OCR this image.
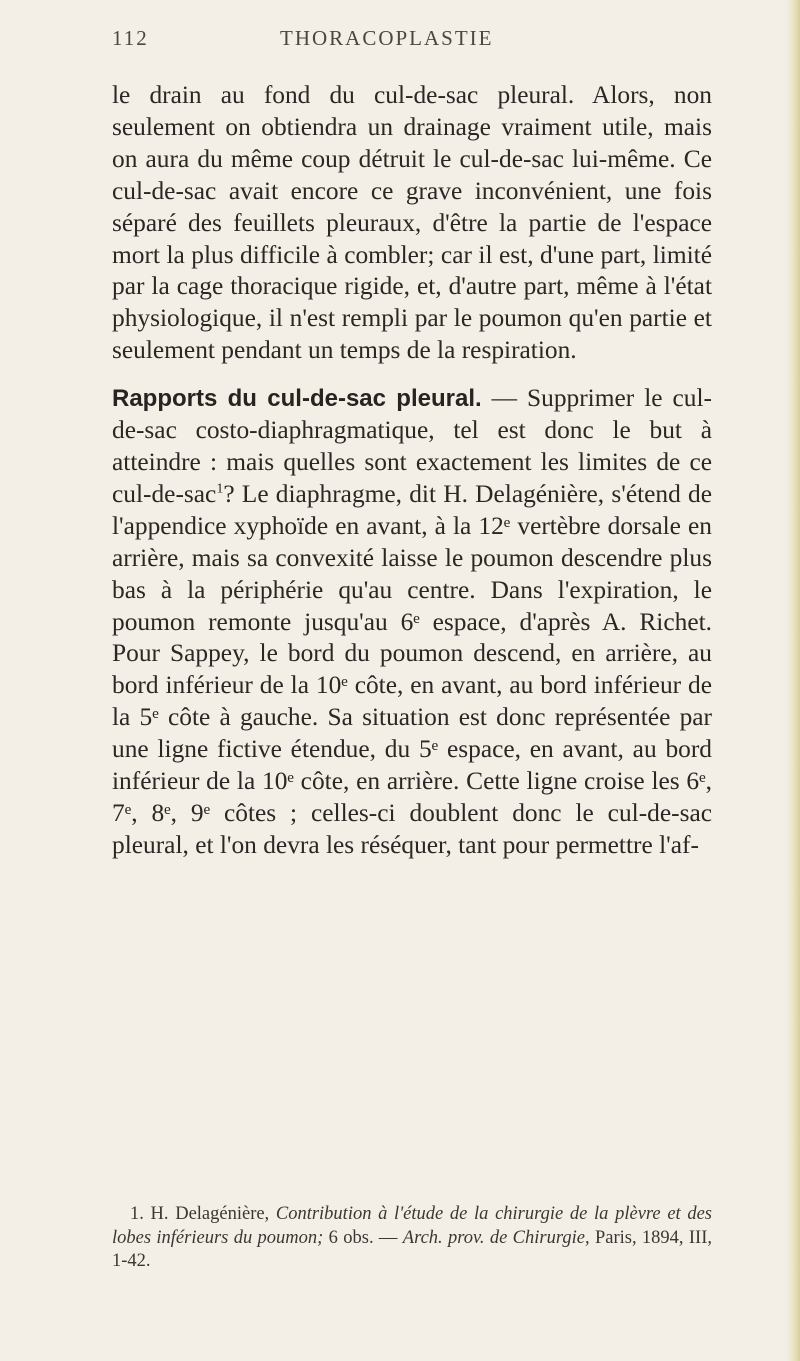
112	THORACOPLASTIE

le drain au fond du cul-de-sac pleural. Alors, non seulement on obtiendra un drainage vraiment utile, mais on aura du même coup détruit le cul-de-sac lui-même. Ce cul-de-sac avait encore ce grave inconvénient, une fois séparé des feuillets pleuraux, d'être la partie de l'espace mort la plus difficile à combler; car il est, d'une part, limité par la cage thoracique rigide, et, d'autre part, même à l'état physiologique, il n'est rempli par le poumon qu'en partie et seulement pendant un temps de la respiration.

Rapports du cul-de-sac pleural. — Supprimer le cul-de-sac costo-diaphragmatique, tel est donc le but à atteindre : mais quelles sont exactement les limites de ce cul-de-sac$^1$? Le diaphragme, dit H. Delagénière, s'étend de l'appendice xyphoïde en avant, à la 12ᵉ vertèbre dorsale en arrière, mais sa convexité laisse le poumon descendre plus bas à la périphérie qu'au centre. Dans l'expiration, le poumon remonte jusqu'au 6ᵉ espace, d'après A. Richet. Pour Sappey, le bord du poumon descend, en arrière, au bord inférieur de la 10ᵉ côte, en avant, au bord inférieur de la 5ᵉ côte à gauche. Sa situation est donc représentée par une ligne fictive étendue, du 5ᵉ espace, en avant, au bord inférieur de la 10ᵉ côte, en arrière. Cette ligne croise les 6ᵉ, 7ᵉ, 8ᵉ, 9ᵉ côtes ; celles-ci doublent donc le cul-de-sac pleural, et l'on devra les réséquer, tant pour permettre l'af-

1. H. Delagénière, Contribution à l'étude de la chirurgie de la plèvre et des lobes inférieurs du poumon; 6 obs. — Arch. prov. de Chirurgie, Paris, 1894, III, 1-42.
